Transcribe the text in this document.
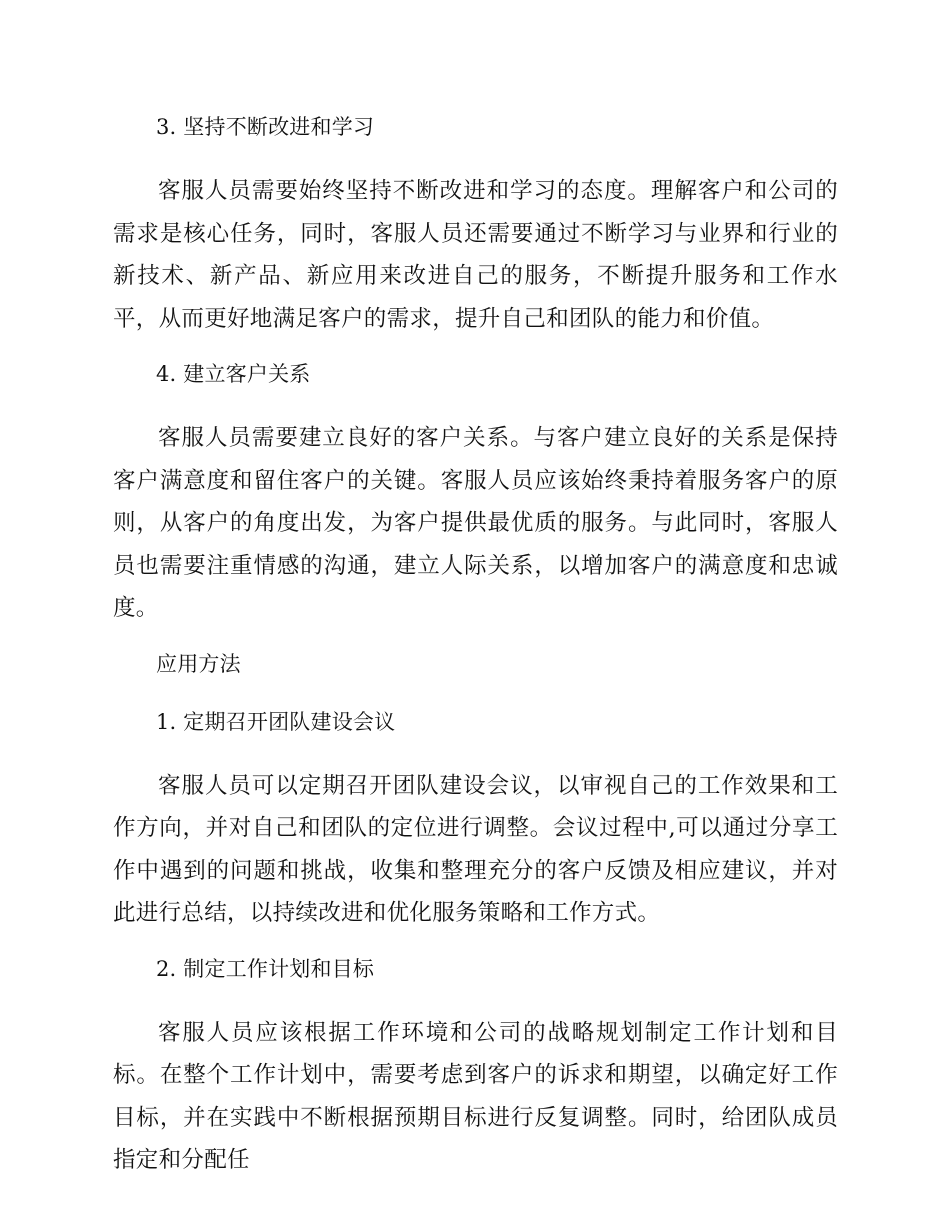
3. 坚持不断改进和学习
客服人员需要始终坚持不断改进和学习的态度。理解客户和公司的需求是核心任务，同时，客服人员还需要通过不断学习与业界和行业的新技术、新产品、新应用来改进自己的服务，不断提升服务和工作水平，从而更好地满足客户的需求，提升自己和团队的能力和价值。
4. 建立客户关系
客服人员需要建立良好的客户关系。与客户建立良好的关系是保持客户满意度和留住客户的关键。客服人员应该始终秉持着服务客户的原则，从客户的角度出发，为客户提供最优质的服务。与此同时，客服人员也需要注重情感的沟通，建立人际关系，以增加客户的满意度和忠诚度。
应用方法
1. 定期召开团队建设会议
客服人员可以定期召开团队建设会议，以审视自己的工作效果和工作方向，并对自己和团队的定位进行调整。会议过程中,可以通过分享工作中遇到的问题和挑战，收集和整理充分的客户反馈及相应建议，并对此进行总结，以持续改进和优化服务策略和工作方式。
2. 制定工作计划和目标
客服人员应该根据工作环境和公司的战略规划制定工作计划和目标。在整个工作计划中，需要考虑到客户的诉求和期望，以确定好工作目标，并在实践中不断根据预期目标进行反复调整。同时，给团队成员指定和分配任
